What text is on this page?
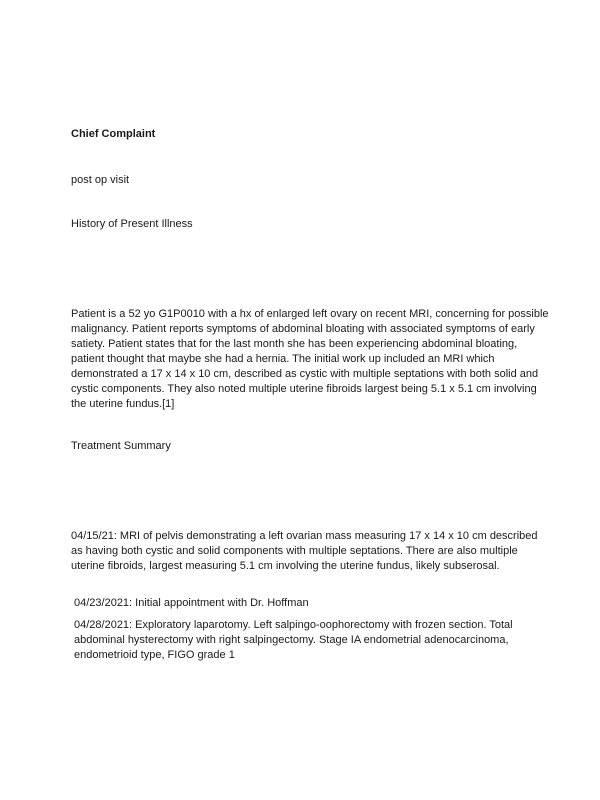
Chief Complaint
post op visit
History of Present Illness

Patient is a 52 yo G1P0010 with a hx of enlarged left ovary on recent MRI, concerning for possible malignancy. Patient reports symptoms of abdominal bloating with associated symptoms of early satiety. Patient states that for the last month she has been experiencing abdominal bloating, patient thought that maybe she had a hernia. The initial work up included an MRI which demonstrated a 17 x 14 x 10 cm, described as cystic with multiple septations with both solid and cystic components. They also noted multiple uterine fibroids largest being 5.1 x 5.1 cm involving the uterine fundus.[1]

Treatment Summary

04/15/21: MRI of pelvis demonstrating a left ovarian mass measuring 17 x 14 x 10 cm described as having both cystic and solid components with multiple septations. There are also multiple uterine fibroids, largest measuring 5.1 cm involving the uterine fundus, likely subserosal.

04/23/2021: Initial appointment with Dr. Hoffman

04/28/2021: Exploratory laparotomy. Left salpingo-oophorectomy with frozen section. Total abdominal hysterectomy with right salpingectomy. Stage IA endometrial adenocarcinoma, endometrioid type, FIGO grade 1
